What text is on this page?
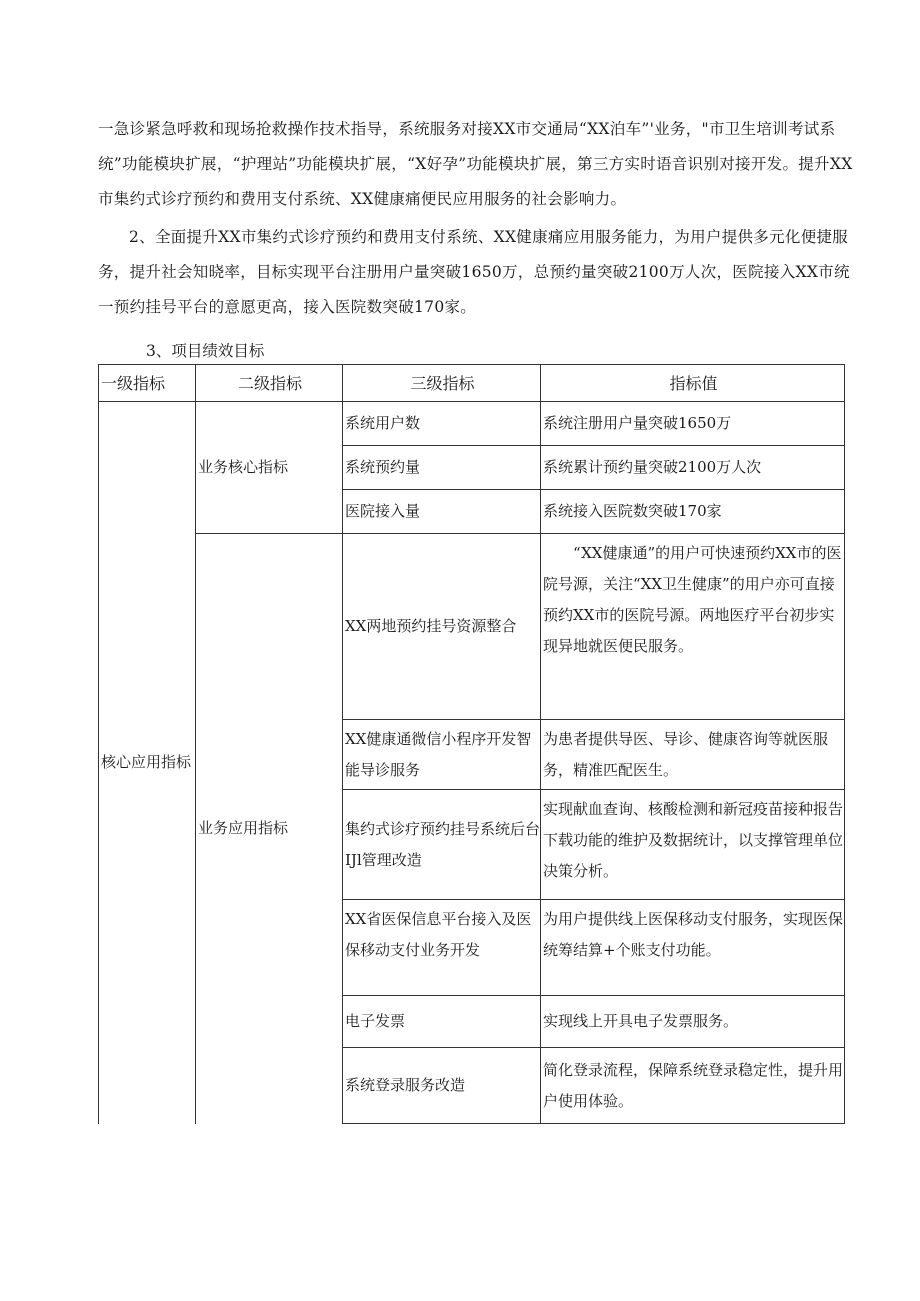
一急诊紧急呼救和现场抢救操作技术指导，系统服务对接XX市交通局“XX泊车”'业务，"市卫生培训考试系统”功能模块扩展，“护理站”功能模块扩展，“X好孕”功能模块扩展，第三方实时语音识别对接开发。提升XX市集约式诊疗预约和费用支付系统、XX健康痛便民应用服务的社会影响力。
2、全面提升XX市集约式诊疗预约和费用支付系统、XX健康痛应用服务能力，为用户提供多元化便捷服务，提升社会知晓率，目标实现平台注册用户量突破1650万，总预约量突破2100万人次，医院接入XX市统一预约挂号平台的意愿更高，接入医院数突破170家。
3、项目绩效目标
一级指标	二级指标	三级指标	指标值
核心应用指标	业务核心指标	系统用户数	系统注册用户量突破1650万
		系统预约量	系统累计预约量突破2100万人次
		医院接入量	系统接入医院数突破170家
	业务应用指标	XX两地预约挂号资源整合	“XX健康通”的用户可快速预约XX市的医院号源，关注“XX卫生健康”的用户亦可直接预约XX市的医院号源。两地医疗平台初步实现异地就医便民服务。
		XX健康通微信小程序开发智能导诊服务	为患者提供导医、导诊、健康咨询等就医服务，精准匹配医生。
		集约式诊疗预约挂号系统后台IJl管理改造	实现献血查询、核酸检测和新冠疫苗接种报告下载功能的维护及数据统计，以支撑管理单位决策分析。
		XX省医保信息平台接入及医保移动支付业务开发	为用户提供线上医保移动支付服务，实现医保统筹结算+个账支付功能。
		电子发票	实现线上开具电子发票服务。
		系统登录服务改造	简化登录流程，保障系统登录稳定性，提升用户使用体验。
